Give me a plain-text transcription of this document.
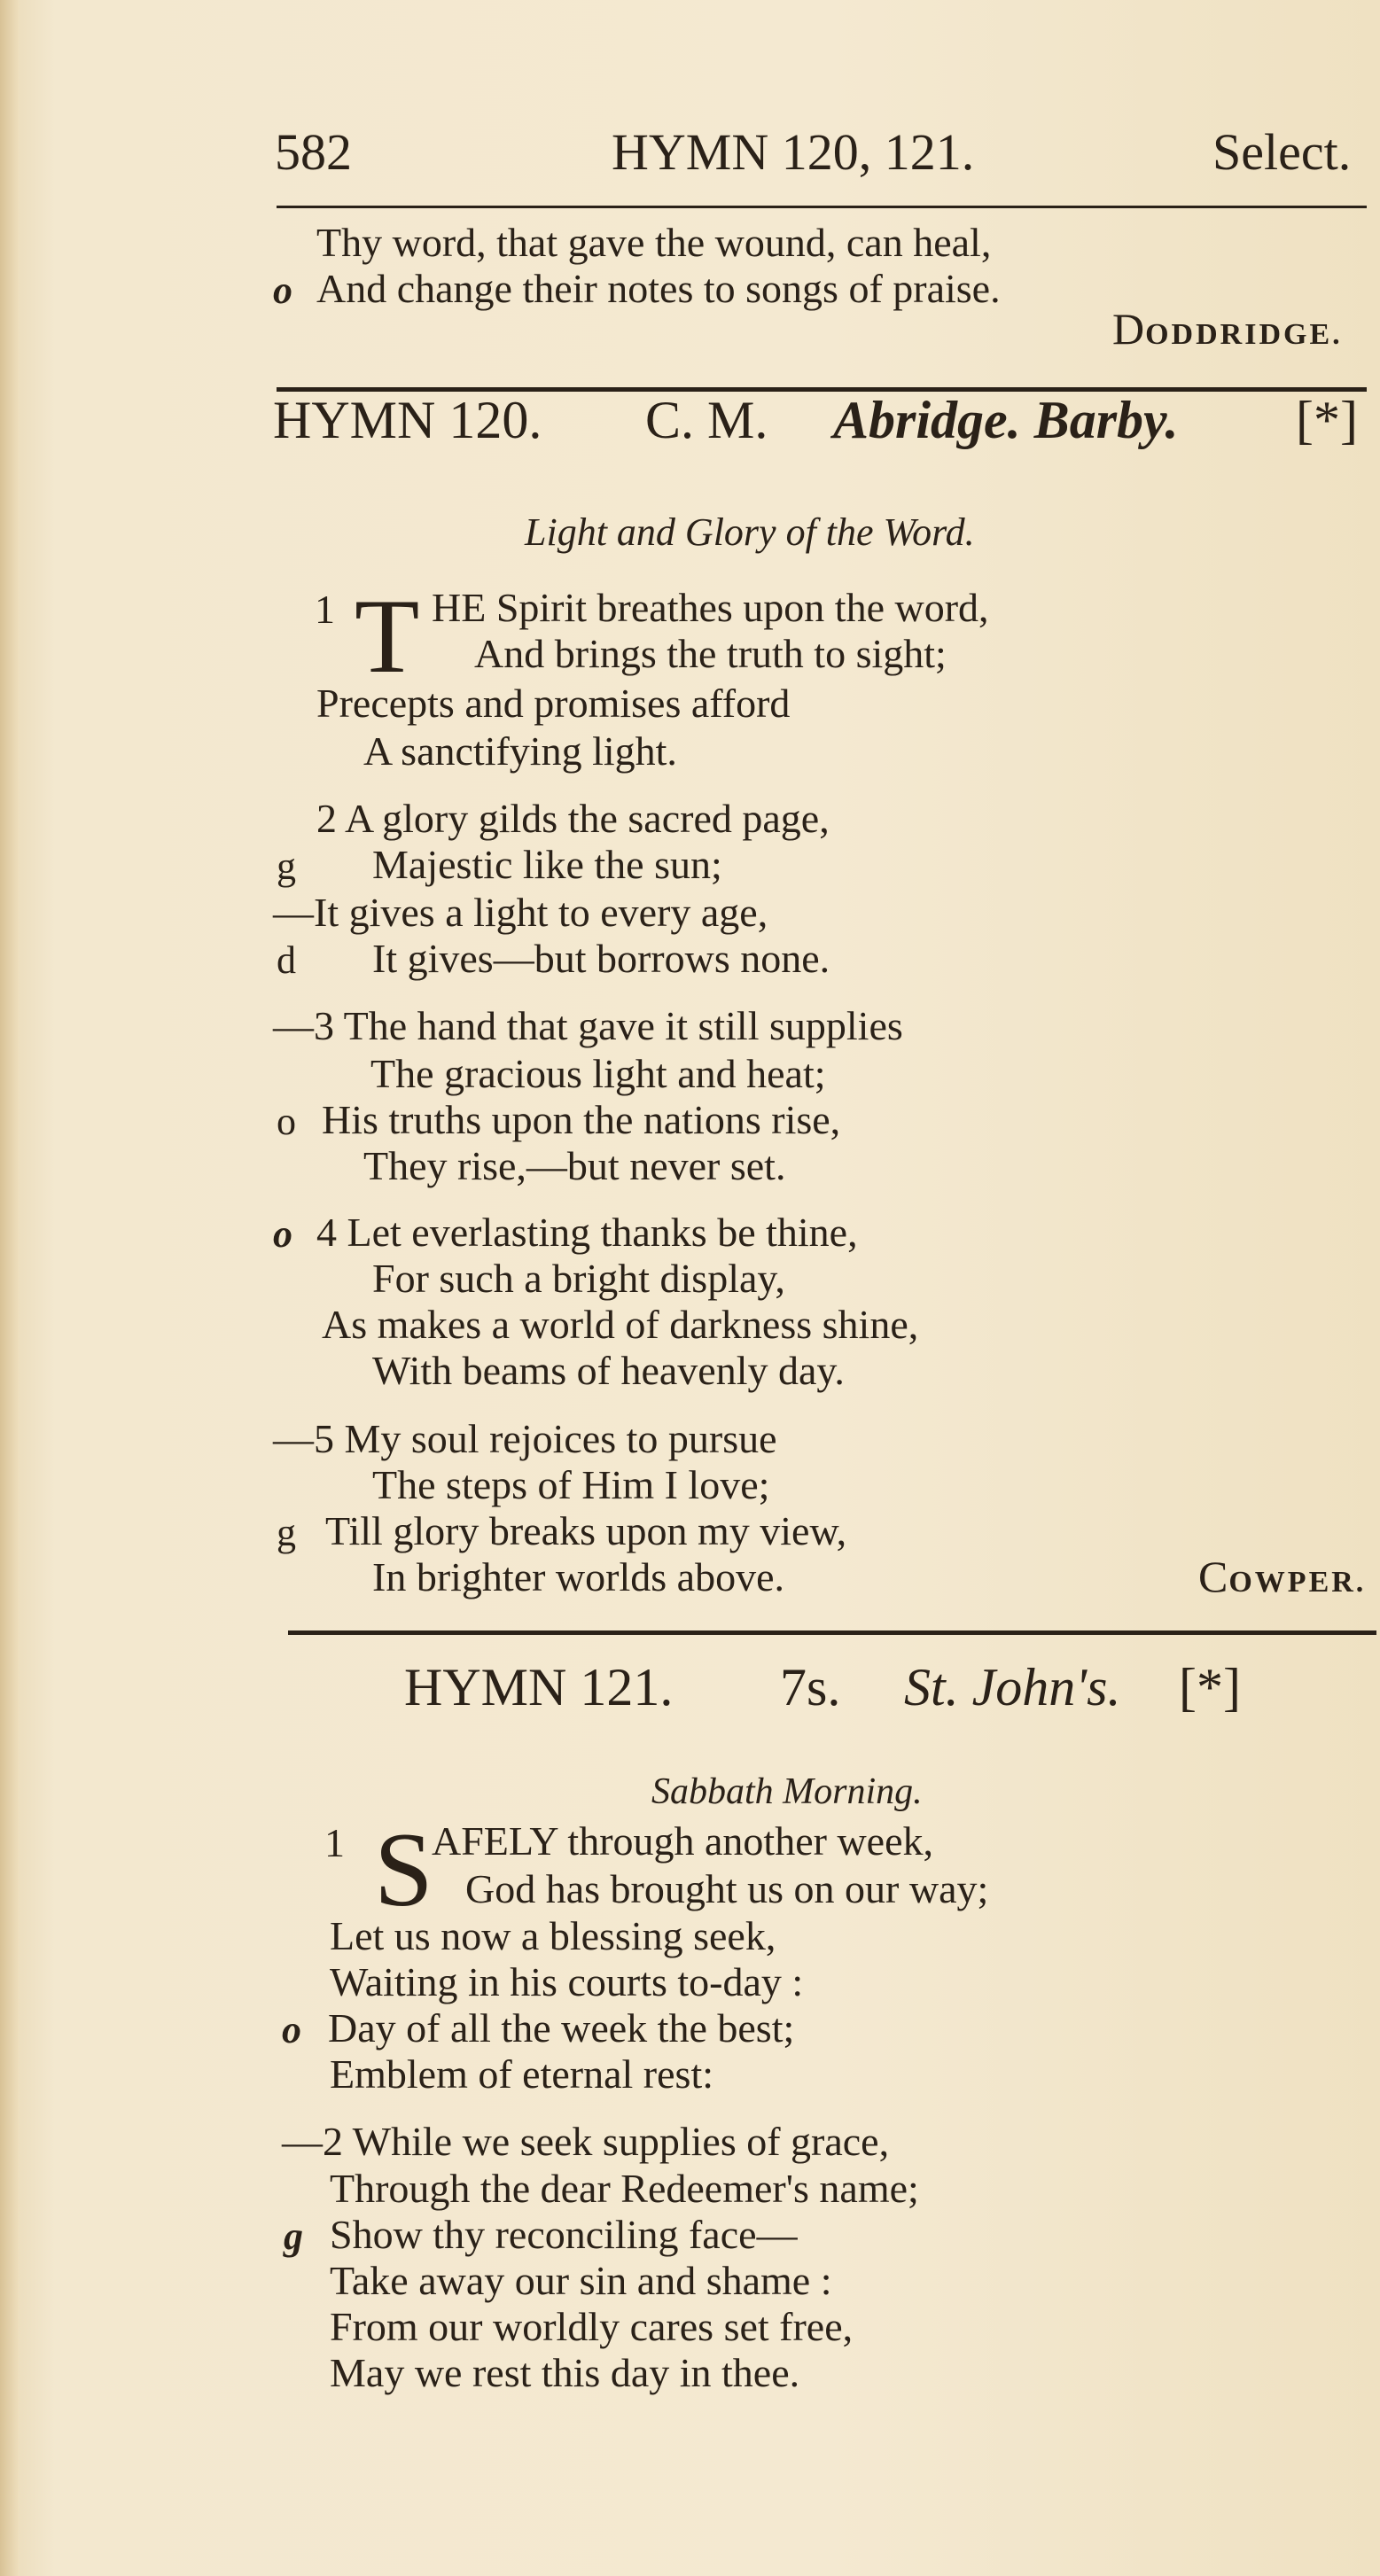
582	HYMN 120, 121.	Select.
Thy word, that gave the wound, can heal,
o And change their notes to songs of praise.
DODDRIDGE.
HYMN 120. C. M. Abridge. Barby. [*]
Light and Glory of the Word.
1 T HE Spirit breathes upon the word,
And brings the truth to sight;
Precepts and promises afford
A sanctifying light.
2 A glory gilds the sacred page,
g Majestic like the sun;
—It gives a light to every age,
d It gives—but borrows none.
—3 The hand that gave it still supplies
The gracious light and heat;
o His truths upon the nations rise,
They rise,—but never set.
o 4 Let everlasting thanks be thine,
For such a bright display,
As makes a world of darkness shine,
With beams of heavenly day.
—5 My soul rejoices to pursue
The steps of Him I love;
g Till glory breaks upon my view,
In brighter worlds above.	COWPER.
HYMN 121. 7s. St. John's. [*]
Sabbath Morning.
1 S
AFELY through another week,
God has brought us on our way;
Let us now a blessing seek,
Waiting in his courts to-day :
o Day of all the week the best;
Emblem of eternal rest:
—2 While we seek supplies of grace,
Through the dear Redeemer's name;
g Show thy reconciling face—
Take away our sin and shame :
From our worldly cares set free,
May we rest this day in thee.
